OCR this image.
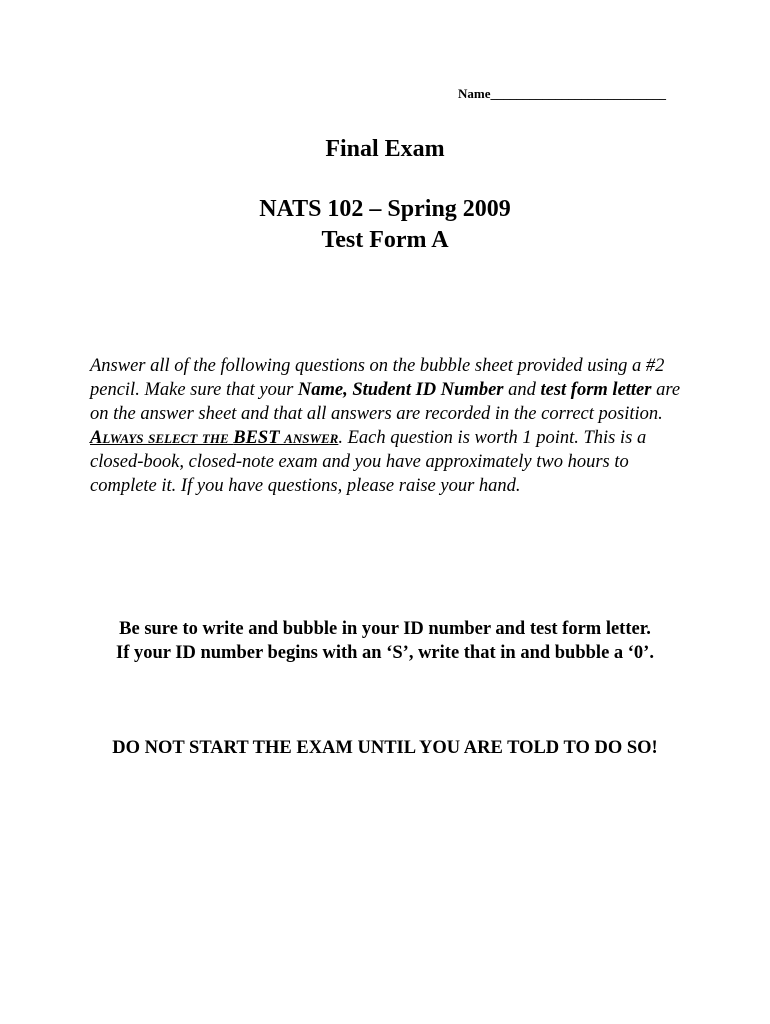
Name___________________________
Final Exam
NATS 102 – Spring 2009
Test Form A
Answer all of the following questions on the bubble sheet provided using a #2 pencil. Make sure that your Name, Student ID Number and test form letter are on the answer sheet and that all answers are recorded in the correct position. Always select the BEST answer. Each question is worth 1 point. This is a closed-book, closed-note exam and you have approximately two hours to complete it. If you have questions, please raise your hand.
Be sure to write and bubble in your ID number and test form letter.
If your ID number begins with an ‘S’, write that in and bubble a ‘0’.
DO NOT START THE EXAM UNTIL YOU ARE TOLD TO DO SO!
